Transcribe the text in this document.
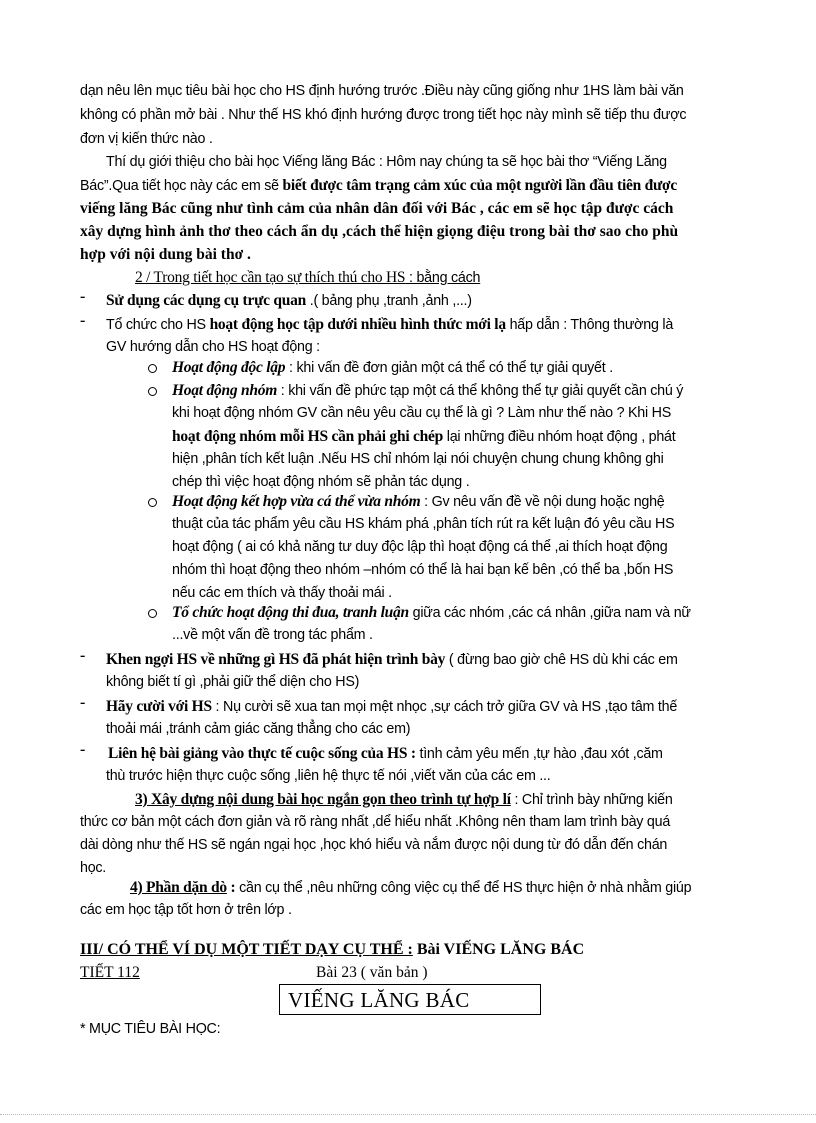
dạn nêu lên mục tiêu bài học cho HS định hướng trước .Điều này cũng giống như 1HS làm bài văn
không có phần mở bài . Như thế HS khó định hướng được trong tiết học này mình sẽ tiếp thu được
đơn vị kiến thức nào .
Thí dụ giới thiệu cho bài học Viếng lăng Bác : Hôm nay chúng ta sẽ học bài thơ “Viếng Lăng
Bác”.Qua tiết học này các em sẽ biết được tâm trạng cảm xúc của một người lần đầu tiên được
viếng lăng Bác cũng như tình cảm của nhân dân đối với Bác , các em sẽ học tập được cách
xây dựng hình ảnh thơ theo cách ẩn dụ ,cách thể hiện giọng điệu trong bài thơ sao cho phù
hợp với nội dung bài thơ .
2 / Trong tiết học cần tạo sự thích thú cho HS : bằng cách
- Sử dụng các dụng cụ trực quan .( bảng phụ ,tranh ,ảnh ,...)
- Tổ chức cho HS hoạt động học tập dưới nhiều hình thức mới lạ hấp dẫn : Thông thường là
GV hướng dẫn cho HS hoạt động :
Hoạt động độc lập : khi vấn đề đơn giản một cá thể có thể tự giải quyết .
Hoạt động nhóm : khi vấn đề phức tạp một cá thể không thể tự giải quyết cần chú ý
khi hoạt động nhóm GV cần nêu yêu cầu cụ thể là gì ? Làm như thế nào ? Khi HS
hoạt động nhóm mỗi HS cần phải ghi chép lại những điều nhóm hoạt động , phát
hiện ,phân tích kết luận .Nếu HS chỉ nhóm lại nói chuyện chung chung không ghi
chép thì việc hoạt động nhóm sẽ phản tác dụng .
Hoạt động kết hợp vừa cá thể vừa nhóm : Gv nêu vấn đề về nội dung hoặc nghệ
thuật của tác phẩm yêu cầu HS khám phá ,phân tích rút ra kết luận đó yêu cầu HS
hoạt động ( ai có khả năng tư duy độc lập thì hoạt động cá thể ,ai thích hoạt động
nhóm thì hoạt động theo nhóm –nhóm có thể là hai bạn kế bên ,có thể ba ,bốn HS
nếu các em thích và thấy thoải mái .
Tổ chức hoạt động thi đua, tranh luận giữa các nhóm ,các cá nhân ,giữa nam và nữ
...về một vấn đề trong tác phẩm .
- Khen ngợi HS về những gì HS đã phát hiện trình bày ( đừng bao giờ chê HS dù khi các em
không biết tí gì ,phải giữ thể diện cho HS)
- Hãy cười với HS : Nụ cười sẽ xua tan mọi mệt nhọc ,sự cách trở giữa GV và HS ,tạo tâm thế
thoải mái ,tránh cảm giác căng thẳng cho các em)
- Liên hệ bài giảng vào thực tế cuộc sống của HS : tình cảm yêu mến ,tự hào ,đau xót ,căm
thù trước hiện thực cuộc sống ,liên hệ thực tế nói ,viết văn của các em ...
3) Xây dựng nội dung bài học ngắn gọn theo trình tự hợp lí : Chỉ trình bày những kiến
thức cơ bản một cách đơn giản và rõ ràng nhất ,dể hiểu nhất .Không nên tham lam trình bày quá
dài dòng như thế HS sẽ ngán ngại học ,học khó hiểu và nắm được nội dung từ đó dẫn đến chán
học.
4) Phần dặn dò : cần cụ thể ,nêu những công việc cụ thể để HS thực hiện ở nhà nhằm giúp
các em học tập tốt hơn ở trên lớp .
III/ CÓ THỂ VÍ DỤ MỘT TIẾT DẠY CỤ THỂ : Bài VIẾNG LĂNG BÁC
TIẾT 112	Bài 23 ( văn bản )
VIẾNG LĂNG BÁC
* MỤC TIÊU BÀI HỌC:
